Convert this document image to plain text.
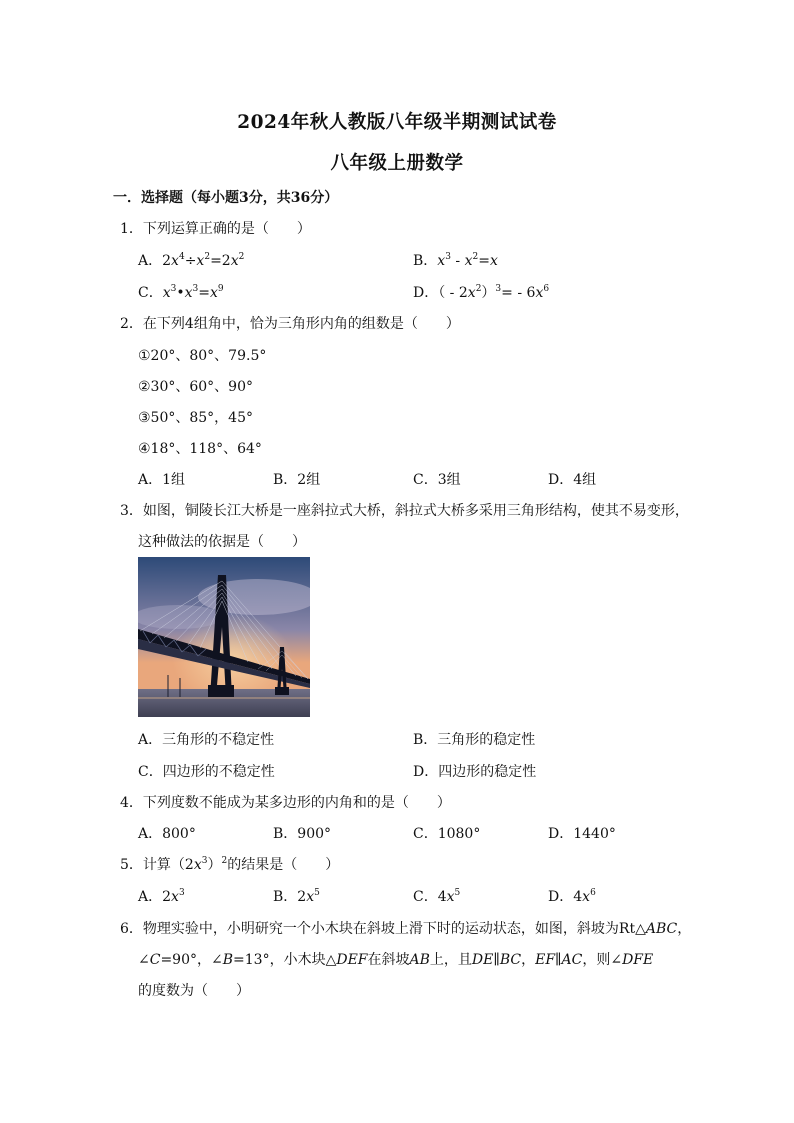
2024年秋人教版八年级半期测试试卷
八年级上册数学
一．选择题（每小题3分，共36分）
1．下列运算正确的是（　　）
A．$2x^4\div x^2=2x^2$	B．$x^3 - x^2=x$
C．$x^3•x^3=x^9$	D．（ - $2x^2)^3= - 6x^6$
2．在下列4组角中，恰为三角形内角的组数是（　　）
①20°、80°、79.5°
②30°、60°、90°
③50°、85°，45°
④18°、118°、64°
A．1组	B．2组	C．3组	D．4组
3．如图，铜陵长江大桥是一座斜拉式大桥，斜拉式大桥多采用三角形结构，使其不易变形，
这种做法的依据是（　　）
A．三角形的不稳定性	B．三角形的稳定性
C．四边形的不稳定性	D．四边形的稳定性
4．下列度数不能成为某多边形的内角和的是（　　）
A．800°	B．900°	C．1080°	D．1440°
5．计算$(2x^3)^2$的结果是（　　）
A．$2x^3$	B．$2x^5$	C．$4x^5$	D．$4x^6$
6．物理实验中，小明研究一个小木块在斜坡上滑下时的运动状态，如图，斜坡为Rt△ABC，
∠C=90°，∠B=13°，小木块△DEF在斜坡AB上，且DE∥BC，EF∥AC，则∠DFE
的度数为（　　）
